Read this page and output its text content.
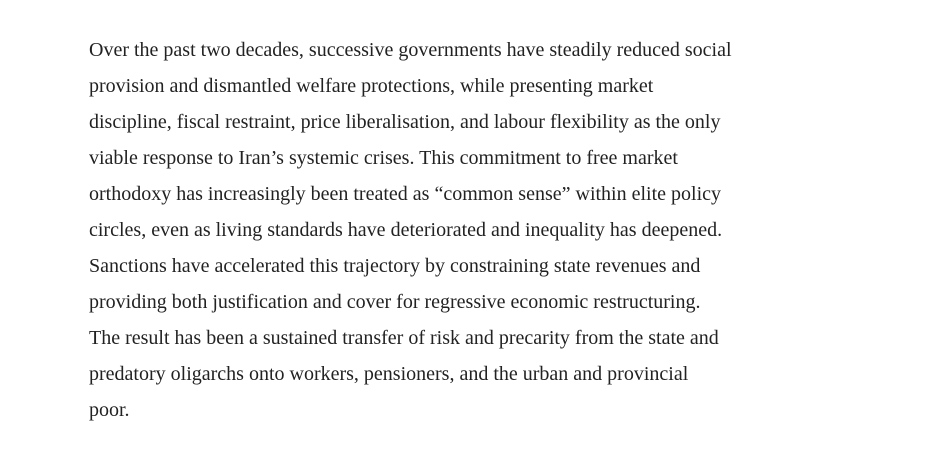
Over the past two decades, successive governments have steadily reduced social
provision and dismantled welfare protections, while presenting market
discipline, fiscal restraint, price liberalisation, and labour flexibility as the only
viable response to Iran’s systemic crises. This commitment to free market
orthodoxy has increasingly been treated as “common sense” within elite policy
circles, even as living standards have deteriorated and inequality has deepened.
Sanctions have accelerated this trajectory by constraining state revenues and
providing both justification and cover for regressive economic restructuring.
The result has been a sustained transfer of risk and precarity from the state and
predatory oligarchs onto workers, pensioners, and the urban and provincial
poor.
